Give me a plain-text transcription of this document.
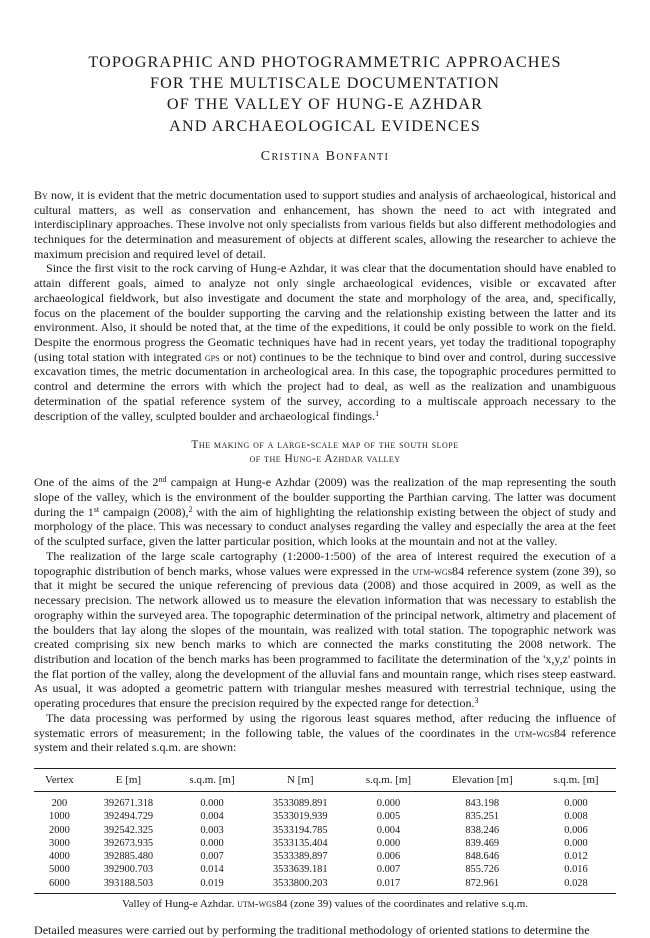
TOPOGRAPHIC AND PHOTOGRAMMETRIC APPROACHES
FOR THE MULTISCALE DOCUMENTATION
OF THE VALLEY OF HUNG-E AZHDAR
AND ARCHAEOLOGICAL EVIDENCES
Cristina Bonfanti

By now, it is evident that the metric documentation used to support studies and analysis of archaeological, historical and cultural matters, as well as conservation and enhancement, has shown the need to act with integrated and interdisciplinary approaches. These involve not only specialists from various fields but also different methodologies and techniques for the determination and measurement of objects at different scales, allowing the researcher to achieve the maximum precision and required level of detail.

Since the first visit to the rock carving of Hung-e Azhdar, it was clear that the documentation should have enabled to attain different goals, aimed to analyze not only single archaeological evidences, visible or excavated after archaeological fieldwork, but also investigate and document the state and morphology of the area, and, specifically, focus on the placement of the boulder supporting the carving and the relationship existing between the latter and its environment. Also, it should be noted that, at the time of the expeditions, it could be only possible to work on the field. Despite the enormous progress the Geomatic techniques have had in recent years, yet today the traditional topography (using total station with integrated gps or not) continues to be the technique to bind over and control, during successive excavation times, the metric documentation in archeological area. In this case, the topographic procedures permitted to control and determine the errors with which the project had to deal, as well as the realization and unambiguous determination of the spatial reference system of the survey, according to a multiscale approach necessary to the description of the valley, sculpted boulder and archaeological findings.$^1$

The making of a large-scale map of the south slope
of the Hung-e Azhdar valley

One of the aims of the 2nd campaign at Hung-e Azhdar (2009) was the realization of the map representing the south slope of the valley, which is the environment of the boulder supporting the Parthian carving. The latter was document during the 1st campaign (2008),$^2$ with the aim of highlighting the relationship existing between the object of study and morphology of the place. This was necessary to conduct analyses regarding the valley and especially the area at the feet of the sculpted surface, given the latter particular position, which looks at the mountain and not at the valley.

The realization of the large scale cartography (1:2000-1:500) of the area of interest required the execution of a topographic distribution of bench marks, whose values were expressed in the utm-wgs84 reference system (zone 39), so that it might be secured the unique referencing of previous data (2008) and those acquired in 2009, as well as the necessary precision. The network allowed us to measure the elevation information that was necessary to establish the orography within the surveyed area. The topographic determination of the principal network, altimetry and placement of the boulders that lay along the slopes of the mountain, was realized with total station. The topographic network was created comprising six new bench marks to which are connected the marks constituting the 2008 network. The distribution and location of the bench marks has been programmed to facilitate the determination of the 'x,y,z' points in the flat portion of the valley, along the development of the alluvial fans and mountain range, which rises steep eastward. As usual, it was adopted a geometric pattern with triangular meshes measured with terrestrial technique, using the operating procedures that ensure the precision required by the expected range for detection.$^3$

The data processing was performed by using the rigorous least squares method, after reducing the influence of systematic errors of measurement; in the following table, the values of the coordinates in the utm-wgs84 reference system and their related s.q.m. are shown:

Vertex	E [m]	s.q.m. [m]	N [m]	s.q.m. [m]	Elevation [m]	s.q.m. [m]
200	392671.318	0.000	3533089.891	0.000	843.198	0.000
1000	392494.729	0.004	3533019.939	0.005	835.251	0.008
2000	392542.325	0.003	3533194.785	0.004	838.246	0.006
3000	392673.935	0.000	3533135.404	0.000	839.469	0.000
4000	392885.480	0.007	3533389.897	0.006	848.646	0.012
5000	392900.703	0.014	3533639.181	0.007	855.726	0.016
6000	393188.503	0.019	3533800.203	0.017	872.961	0.028
Valley of Hung-e Azhdar. utm-wgs84 (zone 39) values of the coordinates and relative s.q.m.

Detailed measures were carried out by performing the traditional methodology of oriented stations to determine the
